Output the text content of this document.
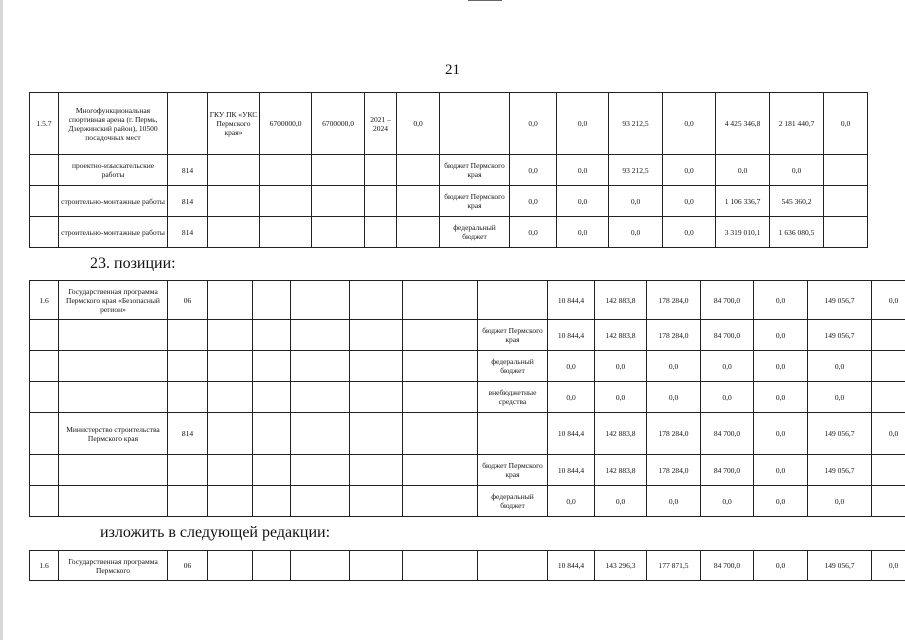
21
1.5.7	Многофункциональная спортивная арена (г. Пермь, Дзержинский район), 10500 посадочных мест		ГКУ ПК «УКС Пермского края»	6700000,0	6700000,0	2021 – 2024	0,0		0,0	0,0	93 212,5	0,0	4 425 346,8	2 181 440,7	0,0
	проектно-изыскательские работы	814						бюджет Пермского края	0,0	0,0	93 212,5	0,0	0,0	0,0	
	строительно-монтажные работы	814						бюджет Пермского края	0,0	0,0	0,0	0,0	1 106 336,7	545 360,2	
	строительно-монтажные работы	814						федеральный бюджет	0,0	0,0	0,0	0,0	3 319 010,1	1 636 080,5	
23. позиции:
1.6	Государственная программа Пермского края «Безопасный регион»	06							10 844,4	142 883,8	178 284,0	84 700,0	0,0	149 056,7	0,0
								бюджет Пермского края	10 844,4	142 883,8	178 284,0	84 700,0	0,0	149 056,7	
								федеральный бюджет	0,0	0,0	0,0	0,0	0,0	0,0	
								внебюджетные средства	0,0	0,0	0,0	0,0	0,0	0,0	
	Министерство строительства Пермского края	814							10 844,4	142 883,8	178 284,0	84 700,0	0,0	149 056,7	0,0
								бюджет Пермского края	10 844,4	142 883,8	178 284,0	84 700,0	0,0	149 056,7	
								федеральный бюджет	0,0	0,0	0,0	0,0	0,0	0,0	
изложить в следующей редакции:
1.6	Государственная программа Пермского	06							10 844,4	143 296,3	177 871,5	84 700,0	0,0	149 056,7	0,0
